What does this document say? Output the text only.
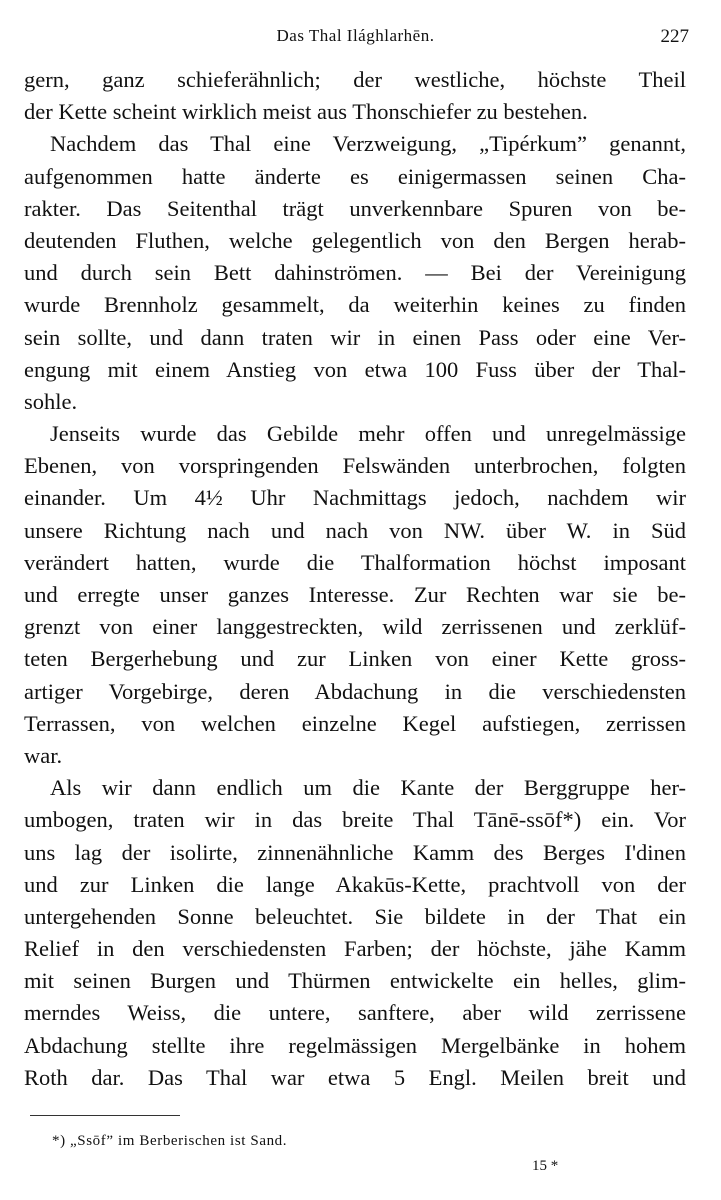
Das Thal Ilághlarhēn.	227
gern, ganz schieferähnlich; der westliche, höchste Theil
der Kette scheint wirklich meist aus Thonschiefer zu bestehen.
Nachdem das Thal eine Verzweigung, „Tipérkum” genannt,
aufgenommen hatte änderte es einigermassen seinen Cha-
rakter. Das Seitenthal trägt unverkennbare Spuren von be-
deutenden Fluthen, welche gelegentlich von den Bergen herab-
und durch sein Bett dahinströmen. — Bei der Vereinigung
wurde Brennholz gesammelt, da weiterhin keines zu finden
sein sollte, und dann traten wir in einen Pass oder eine Ver-
engung mit einem Anstieg von etwa 100 Fuss über der Thal-
sohle.
Jenseits wurde das Gebilde mehr offen und unregelmässige
Ebenen, von vorspringenden Felswänden unterbrochen, folgten
einander. Um 4½ Uhr Nachmittags jedoch, nachdem wir
unsere Richtung nach und nach von NW. über W. in Süd
verändert hatten, wurde die Thalformation höchst imposant
und erregte unser ganzes Interesse. Zur Rechten war sie be-
grenzt von einer langgestreckten, wild zerrissenen und zerklüf-
teten Bergerhebung und zur Linken von einer Kette gross-
artiger Vorgebirge, deren Abdachung in die verschiedensten
Terrassen, von welchen einzelne Kegel aufstiegen, zerrissen
war.
Als wir dann endlich um die Kante der Berggruppe her-
umbogen, traten wir in das breite Thal Tānē-ssōf*) ein. Vor
uns lag der isolirte, zinnenähnliche Kamm des Berges I'dinen
und zur Linken die lange Akakūs-Kette, prachtvoll von der
untergehenden Sonne beleuchtet. Sie bildete in der That ein
Relief in den verschiedensten Farben; der höchste, jähe Kamm
mit seinen Burgen und Thürmen entwickelte ein helles, glim-
merndes Weiss, die untere, sanftere, aber wild zerrissene
Abdachung stellte ihre regelmässigen Mergelbänke in hohem
Roth dar. Das Thal war etwa 5 Engl. Meilen breit und
*) „Ssōf” im Berberischen ist Sand.
15 *
